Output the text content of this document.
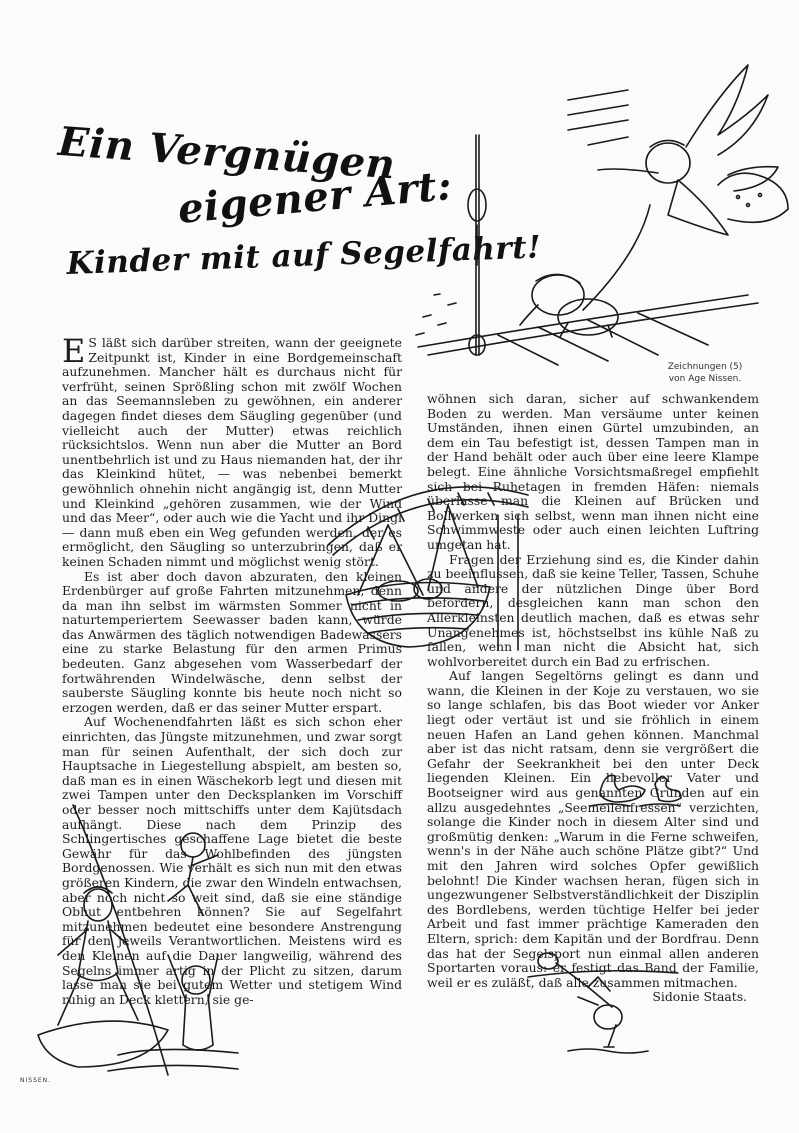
Ein Vergnügen
eigener Art:
Kinder mit auf Segelfahrt!
Zeichnungen (5) von Age Nissen.
NISSEN.

E S läßt sich darüber streiten, wann der geeignete Zeitpunkt ist, Kinder in eine Bordgemeinschaft aufzunehmen. Mancher hält es durchaus nicht für verfrüht, seinen Sprößling schon mit zwölf Wochen an das Seemannsleben zu gewöhnen, ein anderer dagegen findet dieses dem Säugling gegenüber (und vielleicht auch der Mutter) etwas reichlich rücksichtslos. Wenn nun aber die Mutter an Bord unentbehrlich ist und zu Haus niemanden hat, der ihr das Kleinkind hütet, — was nebenbei bemerkt gewöhnlich ohnehin nicht angängig ist, denn Mutter und Kleinkind „gehören zusammen, wie der Wind und das Meer“, oder auch wie die Yacht und ihr Dingi — dann muß eben ein Weg gefunden werden, der es ermöglicht, den Säugling so unterzubringen, daß er keinen Schaden nimmt und möglichst wenig stört.

Es ist aber doch davon abzuraten, den kleinen Erdenbürger auf große Fahrten mitzunehmen, denn da man ihn selbst im wärmsten Sommer nicht in naturtemperiertem Seewasser baden kann, würde das Anwärmen des täglich notwendigen Badewassers eine zu starke Belastung für den armen Primus bedeuten. Ganz abgesehen vom Wasserbedarf der fortwährenden Windelwäsche, denn selbst der sauberste Säugling konnte bis heute noch nicht so erzogen werden, daß er das seiner Mutter erspart.

Auf Wochenendfahrten läßt es sich schon eher einrichten, das Jüngste mitzunehmen, und zwar sorgt man für seinen Aufenthalt, der sich doch zur Hauptsache in Liegestellung abspielt, am besten so, daß man es in einen Wäschekorb legt und diesen mit zwei Tampen unter den Decksplanken im Vorschiff oder besser noch mittschiffs unter dem Kajütsdach aufhängt. Diese nach dem Prinzip des Schlingertisches geschaffene Lage bietet die beste Gewähr für das Wohlbefinden des jüngsten Bordgenossen. Wie verhält es sich nun mit den etwas größeren Kindern, die zwar den Windeln entwachsen, aber noch nicht so weit sind, daß sie eine ständige Obhut entbehren können? Sie auf Segelfahrt mitzunehmen bedeutet eine besondere Anstrengung für den jeweils Verantwortlichen. Meistens wird es den Kleinen auf die Dauer langweilig, während des Segelns immer artig in der Plicht zu sitzen, darum lasse man sie bei gutem Wetter und stetigem Wind ruhig an Deck klettern, sie ge-

wöhnen sich daran, sicher auf schwankendem Boden zu werden. Man versäume unter keinen Umständen, ihnen einen Gürtel umzubinden, an dem ein Tau befestigt ist, dessen Tampen man in der Hand behält oder auch über eine leere Klampe belegt. Eine ähnliche Vorsichtsmaßregel empfiehlt sich bei Ruhetagen in fremden Häfen: niemals überlasse man die Kleinen auf Brücken und Bollwerken sich selbst, wenn man ihnen nicht eine Schwimmweste oder auch einen leichten Luftring umgetan hat.

Fragen der Erziehung sind es, die Kinder dahin zu beeinflussen, daß sie keine Teller, Tassen, Schuhe und andere der nützlichen Dinge über Bord befördern, desgleichen kann man schon den Allerkleinsten deutlich machen, daß es etwas sehr Unangenehmes ist, höchstselbst ins kühle Naß zu fallen, wenn man nicht die Absicht hat, sich wohlvorbereitet durch ein Bad zu erfrischen.

Auf langen Segeltörns gelingt es dann und wann, die Kleinen in der Koje zu verstauen, wo sie so lange schlafen, bis das Boot wieder vor Anker liegt oder vertäut ist und sie fröhlich in einem neuen Hafen an Land gehen können. Manchmal aber ist das nicht ratsam, denn sie vergrößert die Gefahr der Seekrankheit bei den unter Deck liegenden Kleinen. Ein liebevoller Vater und Bootseigner wird aus genannten Gründen auf ein allzu ausgedehntes „Seemeilenfressen“ verzichten, solange die Kinder noch in diesem Alter sind und großmütig denken: „Warum in die Ferne schweifen, wenn's in der Nähe auch schöne Plätze gibt?“ Und mit den Jahren wird solches Opfer gewißlich belohnt! Die Kinder wachsen heran, fügen sich in ungezwungener Selbstverständlichkeit der Disziplin des Bordlebens, werden tüchtige Helfer bei jeder Arbeit und fast immer prächtige Kameraden den Eltern, sprich: dem Kapitän und der Bordfrau. Denn das hat der Segelsport nun einmal allen anderen Sportarten voraus: er festigt das Band der Familie, weil er es zuläßt, daß alle zusammen mitmachen.

Sidonie Staats.
